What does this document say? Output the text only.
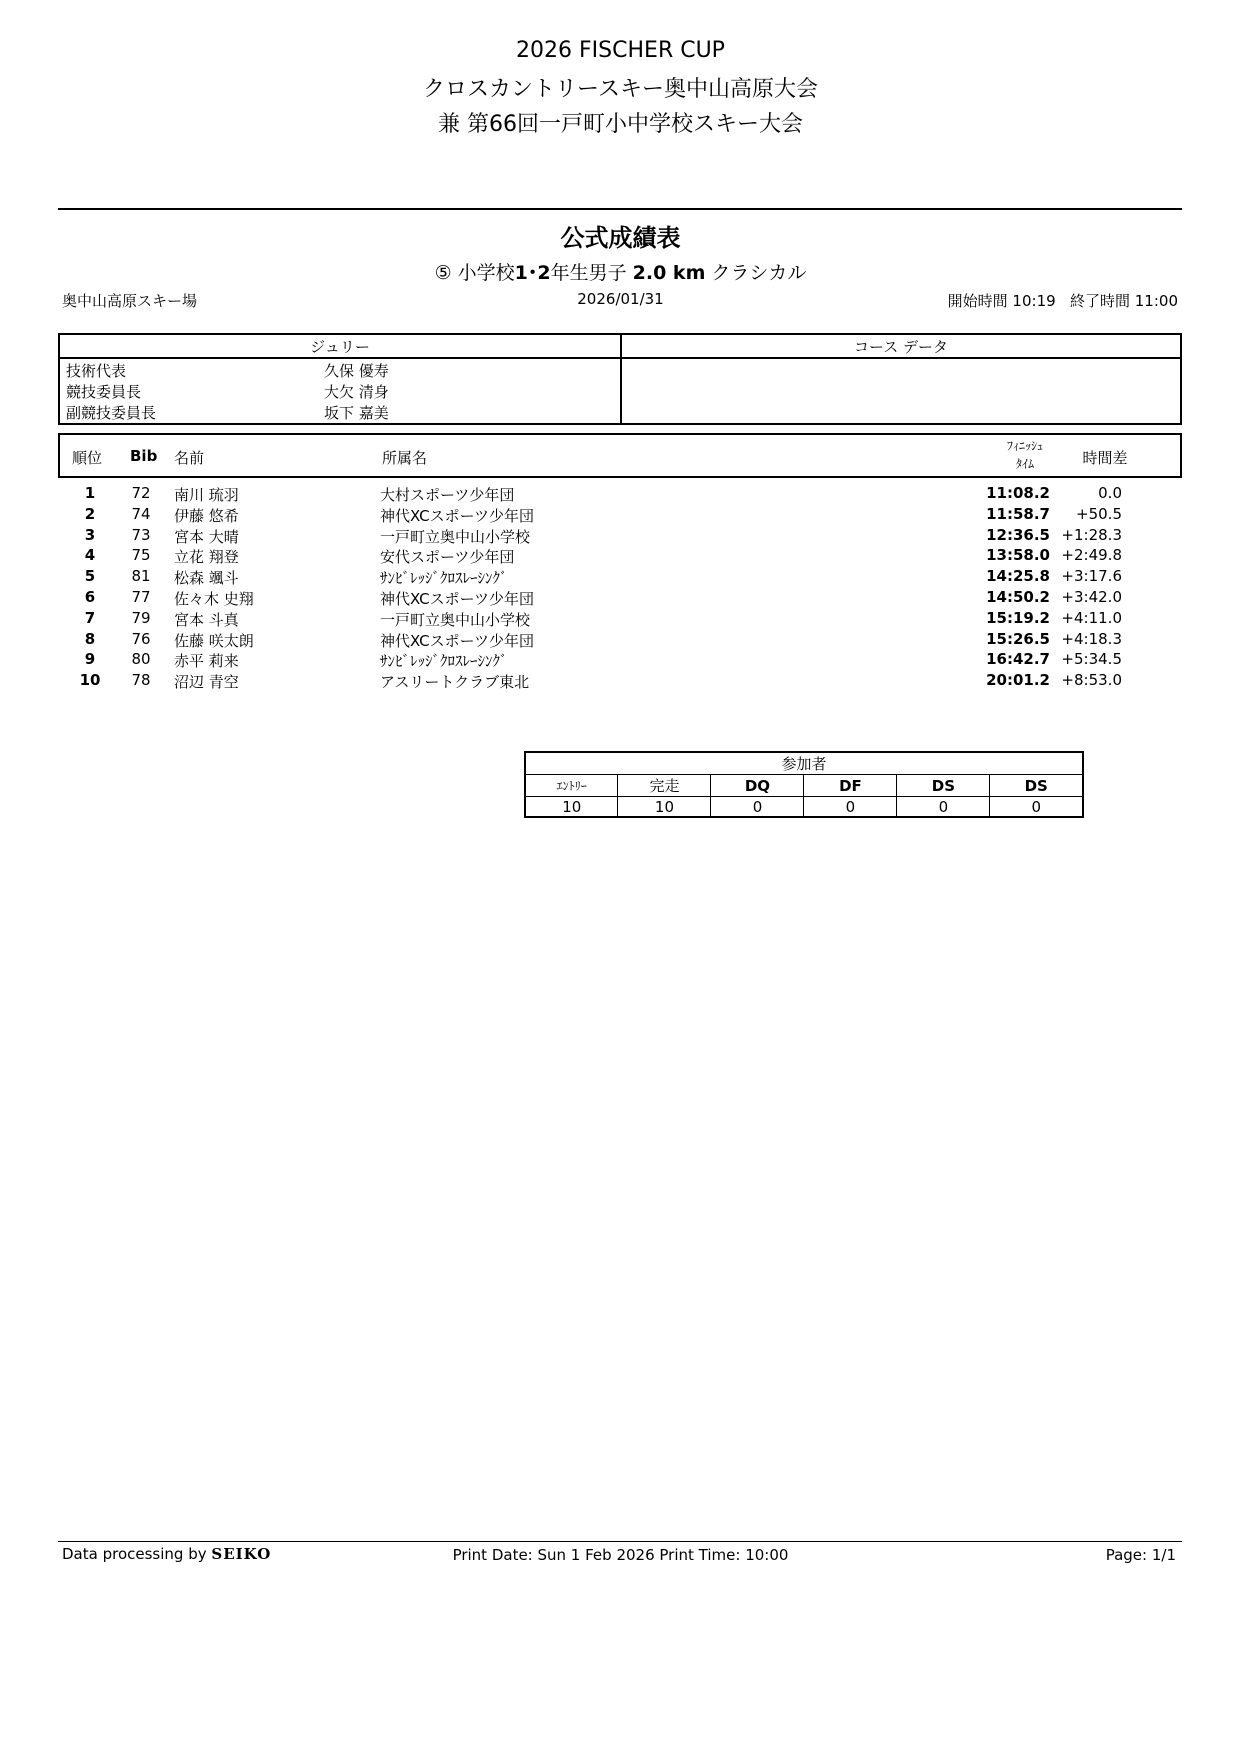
2026 FISCHER CUP
クロスカントリースキー奥中山高原大会
兼 第66回一戸町小中学校スキー大会
公式成績表
⑤ 小学校1･2年生男子 2.0 km クラシカル
奥中山高原スキー場	2026/01/31	開始時間 10:19 終了時間 11:00
ジュリー	コース データ
技術代表	久保 優寿
競技委員長	大欠 清身
副競技委員長	坂下 嘉美
順位 Bib 名前	所属名
ﾌｨﾆｯｼｭ
ﾀｲﾑ	時間差
1	72	南川 琉羽	大村スポーツ少年団	11:08.2	0.0
2	74	伊藤 悠希	神代XCスポーツ少年団	11:58.7	+50.5
3	73	宮本 大晴	一戸町立奥中山小学校	12:36.5 +1:28.3
4	75	立花 翔登	安代スポーツ少年団	13:58.0 +2:49.8
5	81	松森 颯斗	ｻﾝﾋﾞﾚｯｼﾞｸﾛｽﾚｰｼﾝｸﾞ	14:25.8 +3:17.6
6	77	佐々木 史翔	神代XCスポーツ少年団	14:50.2 +3:42.0
7	79	宮本 斗真	一戸町立奥中山小学校	15:19.2 +4:11.0
8	76	佐藤 咲太朗	神代XCスポーツ少年団	15:26.5 +4:18.3
9	80	赤平 莉来	ｻﾝﾋﾞﾚｯｼﾞｸﾛｽﾚｰｼﾝｸﾞ	16:42.7 +5:34.5
10	78	沼辺 青空	アスリートクラブ東北	20:01.2 +8:53.0
参加者					
ｴﾝﾄﾘｰ	完走	DQ	DF	DS	DS
10	10	0	0	0	0
Data processing by SEIKO	Print Date: Sun 1 Feb 2026 Print Time: 10:00	Page: 1/1
